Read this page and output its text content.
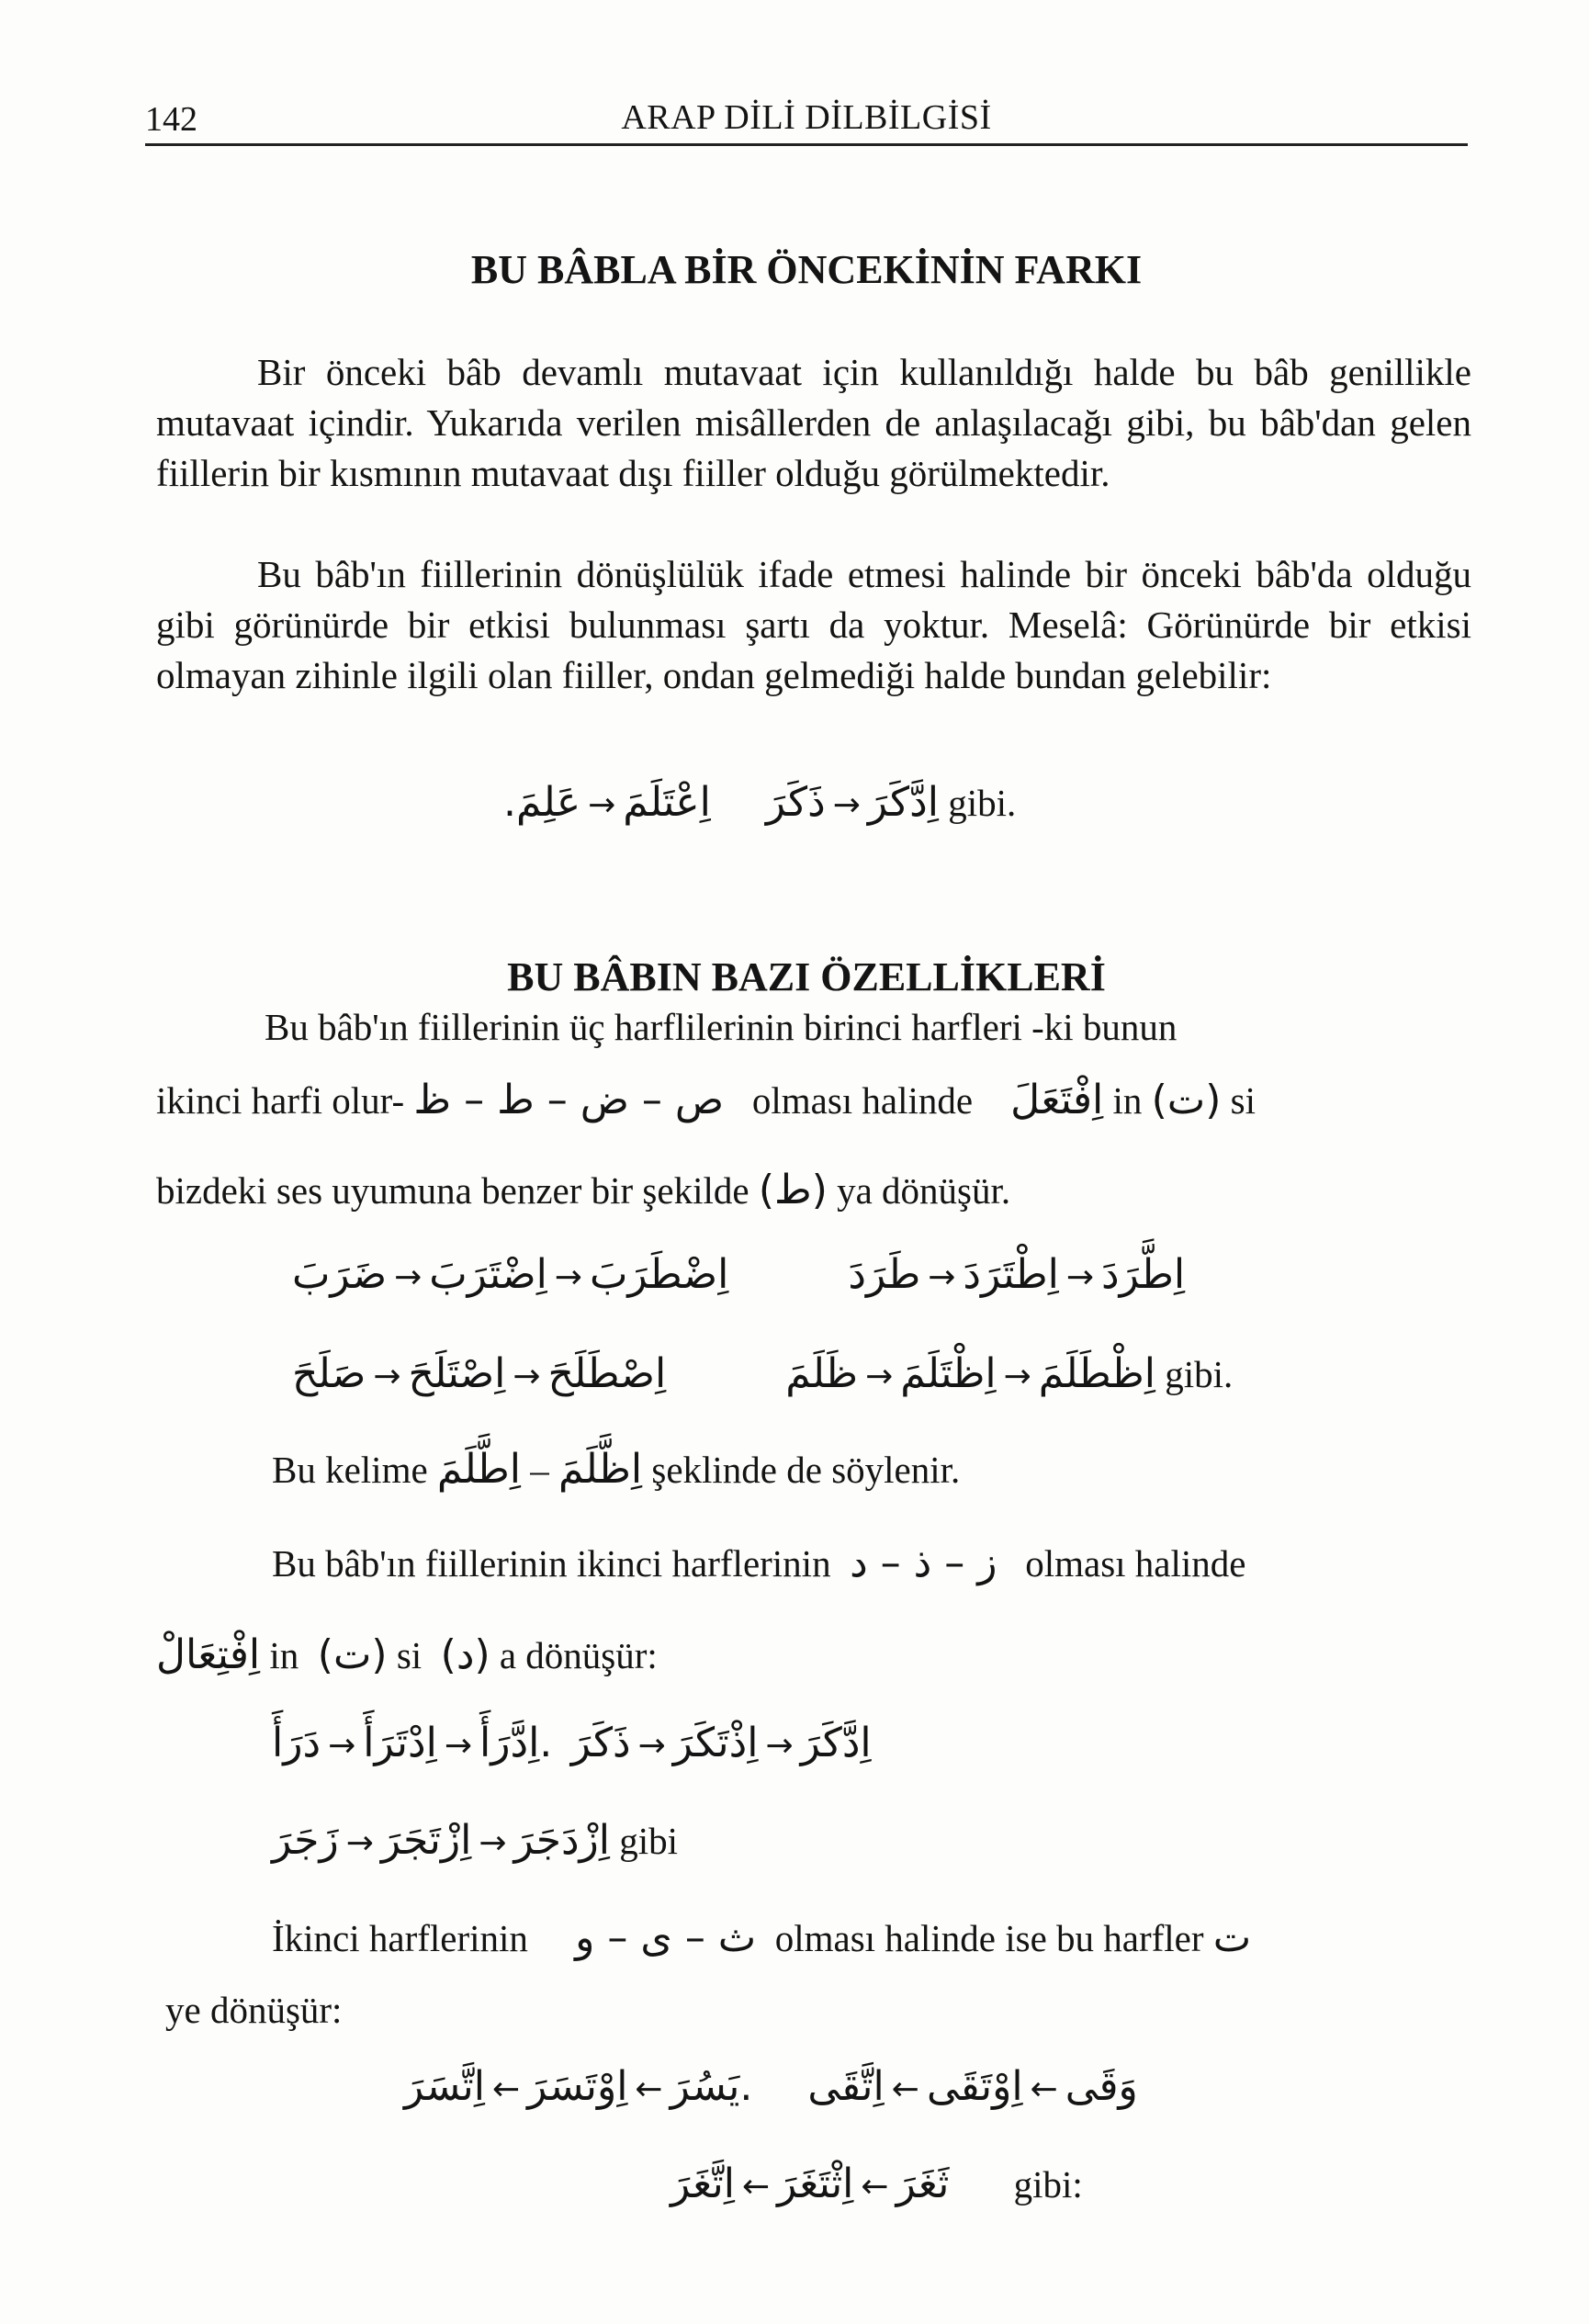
142	ARAP DİLİ DİLBİLGİSİ
BU BÂBLA BİR ÖNCEKİNİN FARKI

Bir önceki bâb devamlı mutavaat için kullanıldığı halde bu bâb genillikle mutavaat içindir. Yukarıda verilen misâllerden de anlaşılacağı gibi, bu bâb'dan gelen fiillerin bir kısmının mutavaat dışı fiiller olduğu görülmektedir.

Bu bâb'ın fiillerinin dönüşlülük ifade etmesi halinde bir önceki bâb'da olduğu gibi görünürde bir etkisi bulunması şartı da yoktur. Meselâ: Görünürde bir etkisi olmayan zihinle ilgili olan fiiller, ondan gelmediği halde bundan gelebilir:

.عَلِمَ → اِعْتَلَمَ ذَكَرَ → اِدَّكَرَ gibi.
BU BÂBIN BAZI ÖZELLİKLERİ
Bu bâb'ın fiillerinin üç harflilerinin birinci harfleri -ki bunun
ikinci harfi olur- ص – ض – ط – ظ olması halinde اِفْتَعَلَ in (ت) si
bizdeki ses uyumuna benzer bir şekilde (ط) ya dönüşür.
ضَرَبَ → اِضْتَرَبَ → اِضْطَرَبَ	طَرَدَ → اِطْتَرَدَ → اِطَّرَدَ
صَلَحَ → اِصْتَلَحَ → اِصْطَلَحَ	ظَلَمَ → اِظْتَلَمَ → اِظْطَلَمَ gibi.
Bu kelime اِطَّلَمَ – اِظَّلَمَ şeklinde de söylenir.
Bu bâb'ın fiillerinin ikinci harflerinin ز – ذ – د olması halinde
اِفْتِعَالْ in (ت) si (د) a dönüşür:
دَرَأَ → اِدْتَرَأَ → اِدَّرَأَ. ذَكَرَ → اِذْتَكَرَ → اِدَّكَرَ
زَجَرَ → اِزْتَجَرَ → اِزْدَجَرَ gibi
İkinci harflerinin ث – ى – و olması halinde ise bu harfler ت
ye dönüşür:
اِتَّسَرَ ← اِوْتَسَرَ ← يَسُرَ. اِتَّقَى ← اِوْتَقَى ← وَقَى
اِتَّغَرَ ← اِثْتَغَرَ ← ثَغَرَ gibi:
